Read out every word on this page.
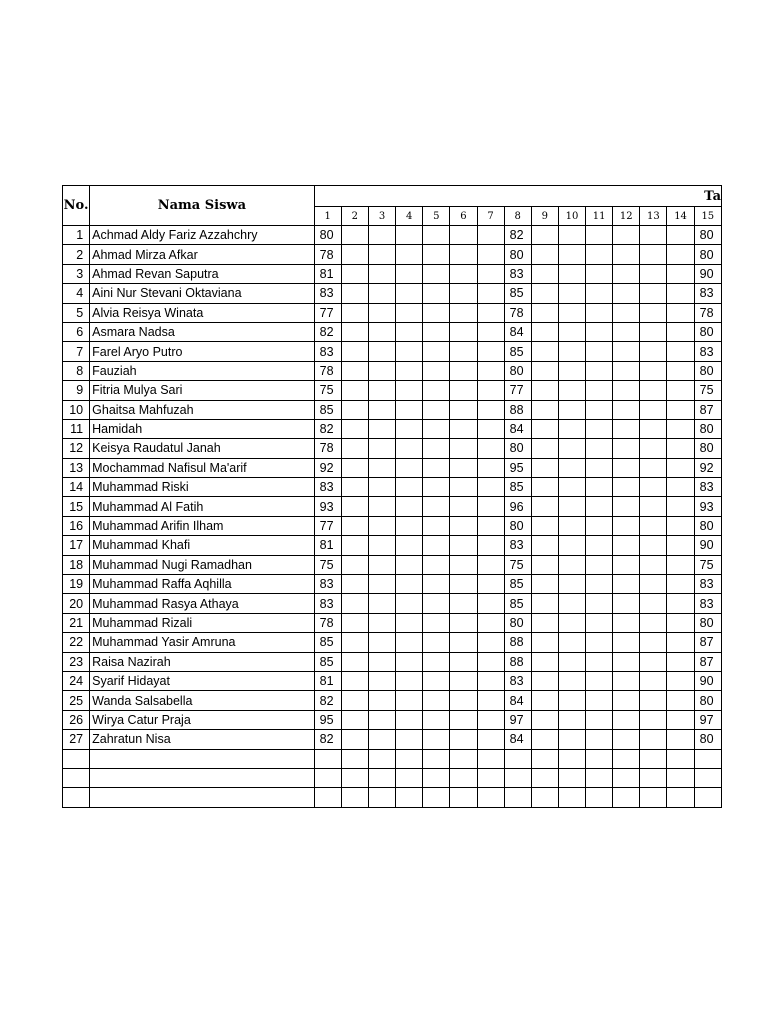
No.	Nama Siswa	Ta														
		1	2	3	4	5	6	7	8	9	10	11	12	13	14	15
1	Achmad Aldy Fariz Azzahchry	80							82							80
2	Ahmad Mirza Afkar	78							80							80
3	Ahmad Revan Saputra	81							83							90
4	Aini Nur Stevani Oktaviana	83							85							83
5	Alvia Reisya Winata	77							78							78
6	Asmara Nadsa	82							84							80
7	Farel Aryo Putro	83							85							83
8	Fauziah	78							80							80
9	Fitria Mulya Sari	75							77							75
10	Ghaitsa Mahfuzah	85							88							87
11	Hamidah	82							84							80
12	Keisya Raudatul Janah	78							80							80
13	Mochammad Nafisul Ma'arif	92							95							92
14	Muhammad Riski	83							85							83
15	Muhammad Al Fatih	93							96							93
16	Muhammad Arifin Ilham	77							80							80
17	Muhammad Khafi	81							83							90
18	Muhammad Nugi Ramadhan	75							75							75
19	Muhammad Raffa Aqhilla	83							85							83
20	Muhammad Rasya Athaya	83							85							83
21	Muhammad Rizali	78							80							80
22	Muhammad Yasir Amruna	85							88							87
23	Raisa Nazirah	85							88							87
24	Syarif Hidayat	81							83							90
25	Wanda Salsabella	82							84							80
26	Wirya Catur Praja	95							97							97
27	Zahratun Nisa	82							84							80
